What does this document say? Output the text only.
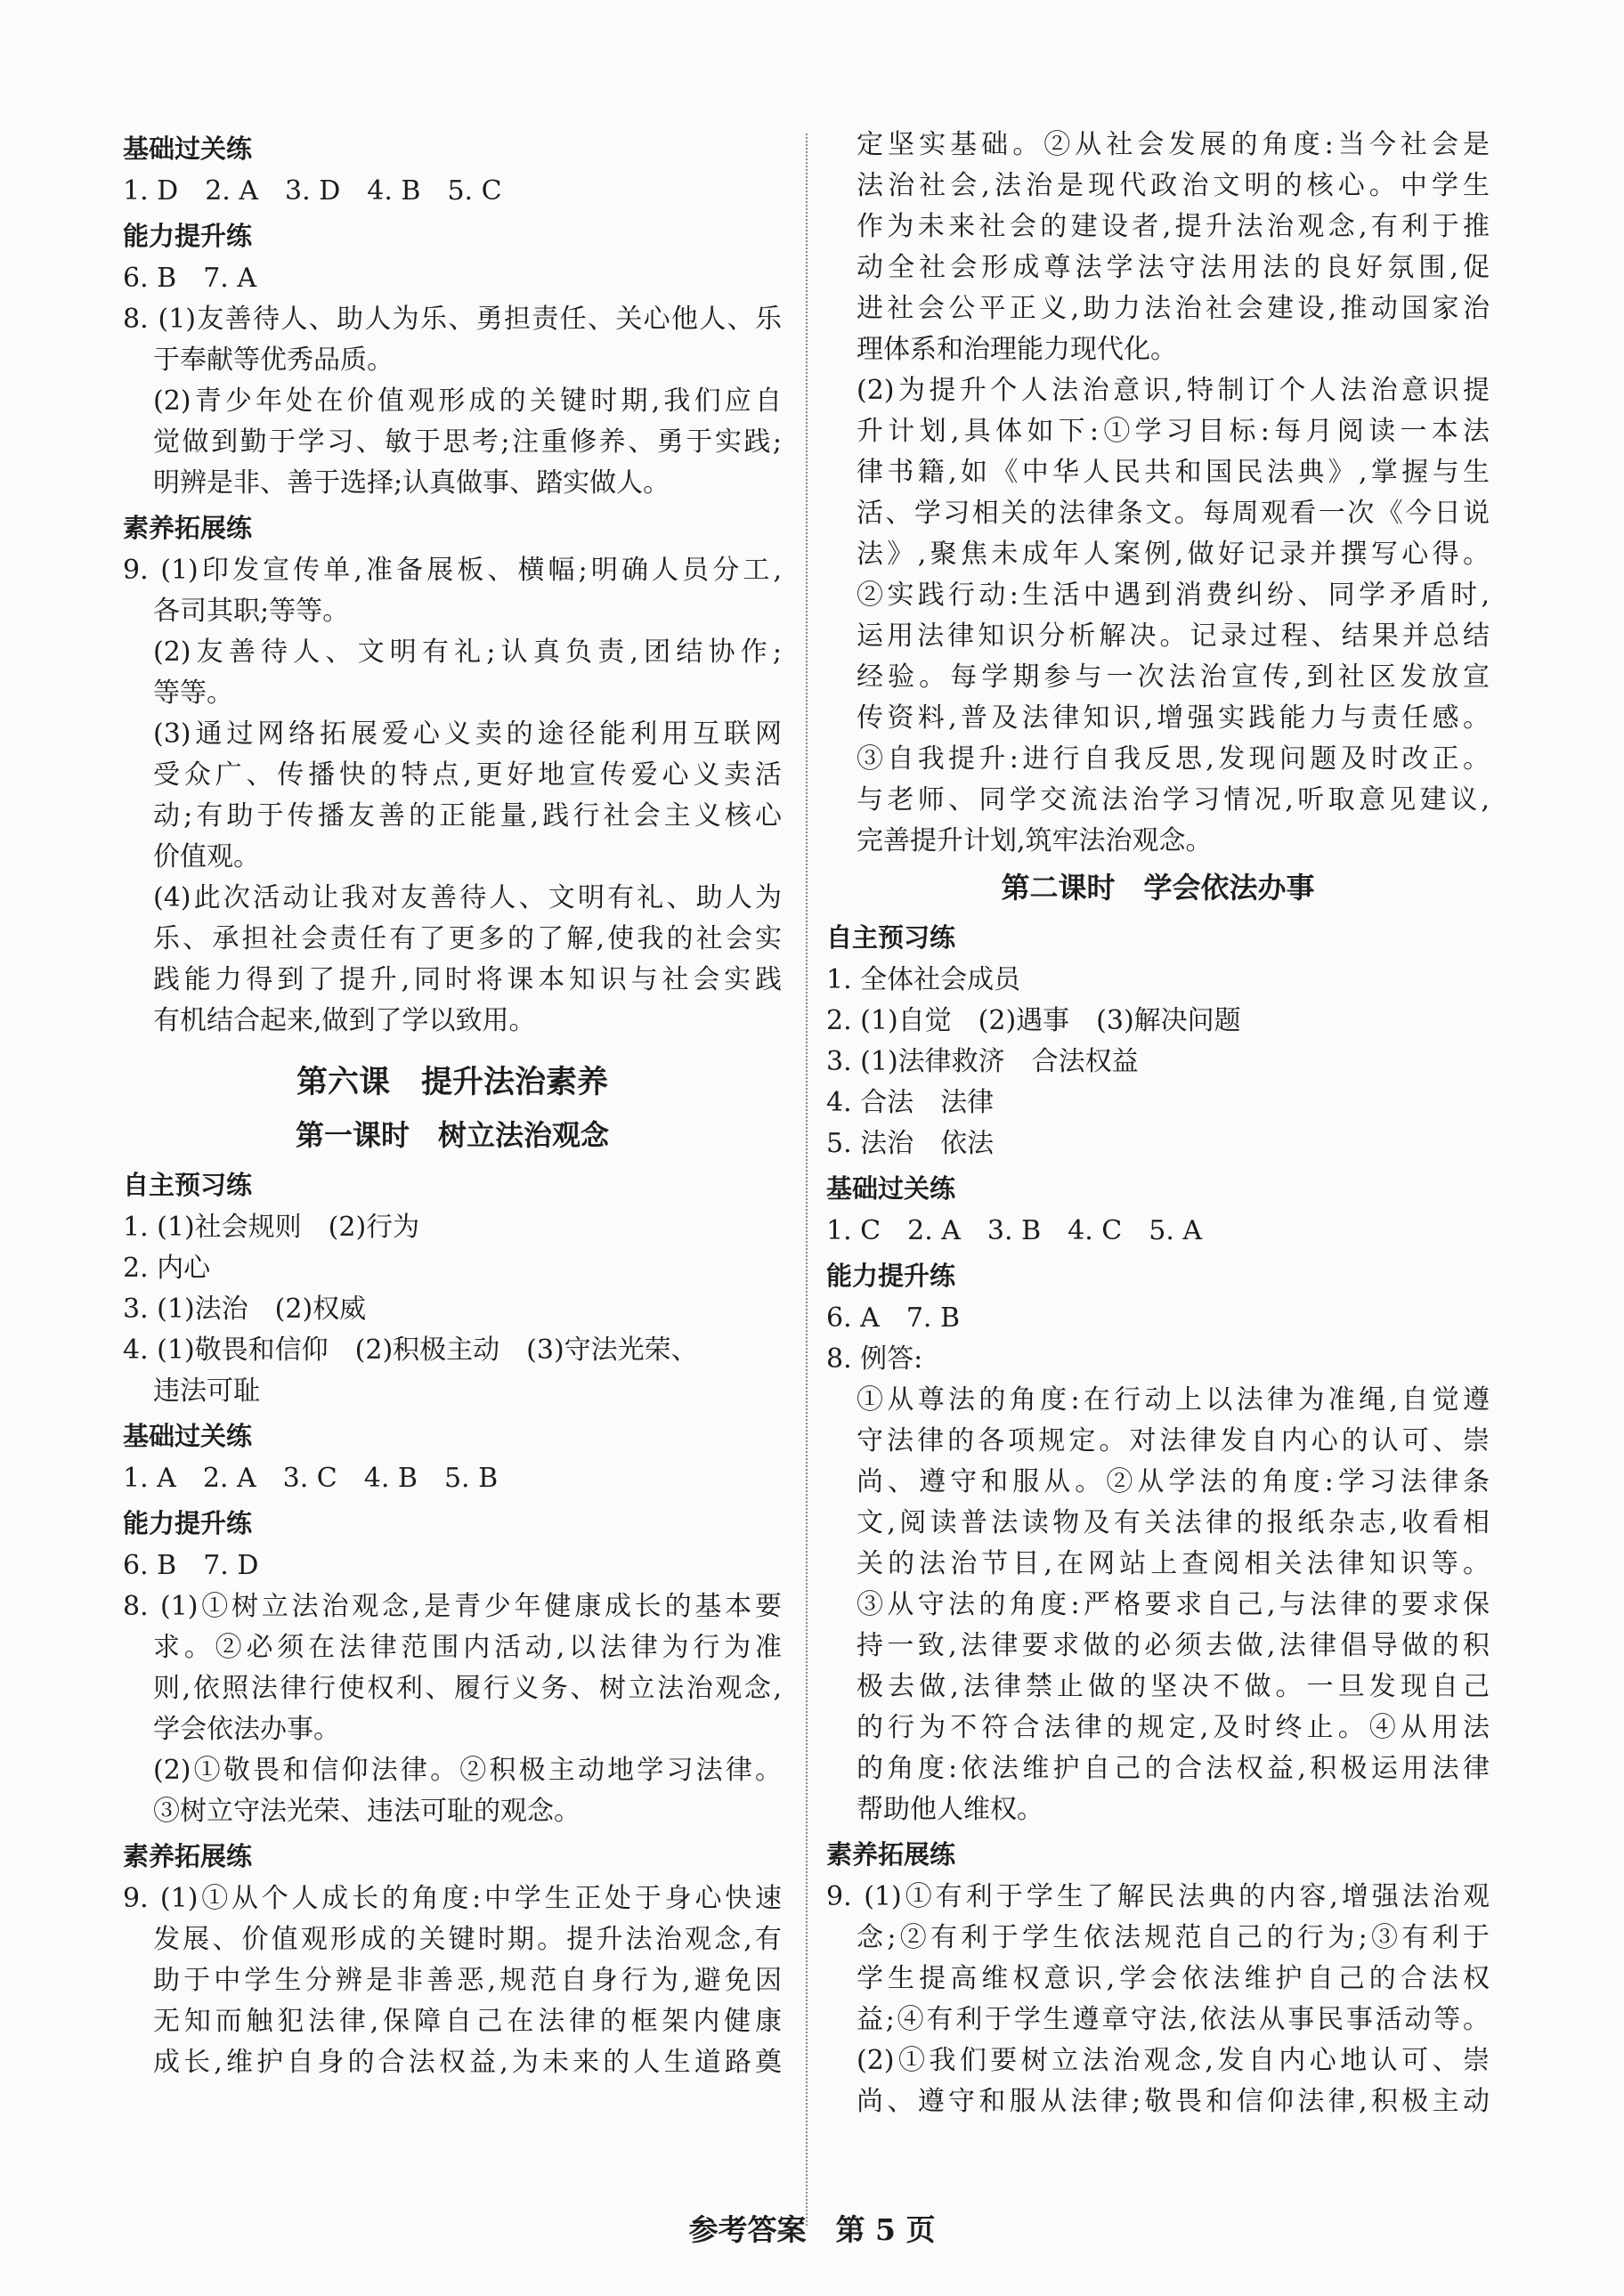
基础过关练
1. D　2. A　3. D　4. B　5. C
能力提升练
6. B　7. A
8. (1)友善待人、助人为乐、勇担责任、关心他人、乐
于奉献等优秀品质。
(2)青少年处在价值观形成的关键时期,我们应自
觉做到勤于学习、敏于思考;注重修养、勇于实践;
明辨是非、善于选择;认真做事、踏实做人。
素养拓展练
9. (1)印发宣传单,准备展板、横幅;明确人员分工,
各司其职;等等。
(2)友善待人、文明有礼;认真负责,团结协作;
等等。
(3)通过网络拓展爱心义卖的途径能利用互联网
受众广、传播快的特点,更好地宣传爱心义卖活
动;有助于传播友善的正能量,践行社会主义核心
价值观。
(4)此次活动让我对友善待人、文明有礼、助人为
乐、承担社会责任有了更多的了解,使我的社会实
践能力得到了提升,同时将课本知识与社会实践
有机结合起来,做到了学以致用。
第六课　提升法治素养
第一课时　树立法治观念
自主预习练
1. (1)社会规则　(2)行为
2. 内心
3. (1)法治　(2)权威
4. (1)敬畏和信仰　(2)积极主动　(3)守法光荣、
违法可耻
基础过关练
1. A　2. A　3. C　4. B　5. B
能力提升练
6. B　7. D
8. (1)①树立法治观念,是青少年健康成长的基本要
求。②必须在法律范围内活动,以法律为行为准
则,依照法律行使权利、履行义务、树立法治观念,
学会依法办事。
(2)①敬畏和信仰法律。②积极主动地学习法律。
③树立守法光荣、违法可耻的观念。
素养拓展练
9. (1)①从个人成长的角度:中学生正处于身心快速
发展、价值观形成的关键时期。提升法治观念,有
助于中学生分辨是非善恶,规范自身行为,避免因
无知而触犯法律,保障自己在法律的框架内健康
成长,维护自身的合法权益,为未来的人生道路奠
定坚实基础。②从社会发展的角度:当今社会是
法治社会,法治是现代政治文明的核心。中学生
作为未来社会的建设者,提升法治观念,有利于推
动全社会形成尊法学法守法用法的良好氛围,促
进社会公平正义,助力法治社会建设,推动国家治
理体系和治理能力现代化。
(2)为提升个人法治意识,特制订个人法治意识提
升计划,具体如下:①学习目标:每月阅读一本法
律书籍,如《中华人民共和国民法典》,掌握与生
活、学习相关的法律条文。每周观看一次《今日说
法》,聚焦未成年人案例,做好记录并撰写心得。
②实践行动:生活中遇到消费纠纷、同学矛盾时,
运用法律知识分析解决。记录过程、结果并总结
经验。每学期参与一次法治宣传,到社区发放宣
传资料,普及法律知识,增强实践能力与责任感。
③自我提升:进行自我反思,发现问题及时改正。
与老师、同学交流法治学习情况,听取意见建议,
完善提升计划,筑牢法治观念。
第二课时　学会依法办事
自主预习练
1. 全体社会成员
2. (1)自觉　(2)遇事　(3)解决问题
3. (1)法律救济　合法权益
4. 合法　法律
5. 法治　依法
基础过关练
1. C　2. A　3. B　4. C　5. A
能力提升练
6. A　7. B
8. 例答:
①从尊法的角度:在行动上以法律为准绳,自觉遵
守法律的各项规定。对法律发自内心的认可、崇
尚、遵守和服从。②从学法的角度:学习法律条
文,阅读普法读物及有关法律的报纸杂志,收看相
关的法治节目,在网站上查阅相关法律知识等。
③从守法的角度:严格要求自己,与法律的要求保
持一致,法律要求做的必须去做,法律倡导做的积
极去做,法律禁止做的坚决不做。一旦发现自己
的行为不符合法律的规定,及时终止。④从用法
的角度:依法维护自己的合法权益,积极运用法律
帮助他人维权。
素养拓展练
9. (1)①有利于学生了解民法典的内容,增强法治观
念;②有利于学生依法规范自己的行为;③有利于
学生提高维权意识,学会依法维护自己的合法权
益;④有利于学生遵章守法,依法从事民事活动等。
(2)①我们要树立法治观念,发自内心地认可、崇
尚、遵守和服从法律;敬畏和信仰法律,积极主动
参考答案　第 5 页
